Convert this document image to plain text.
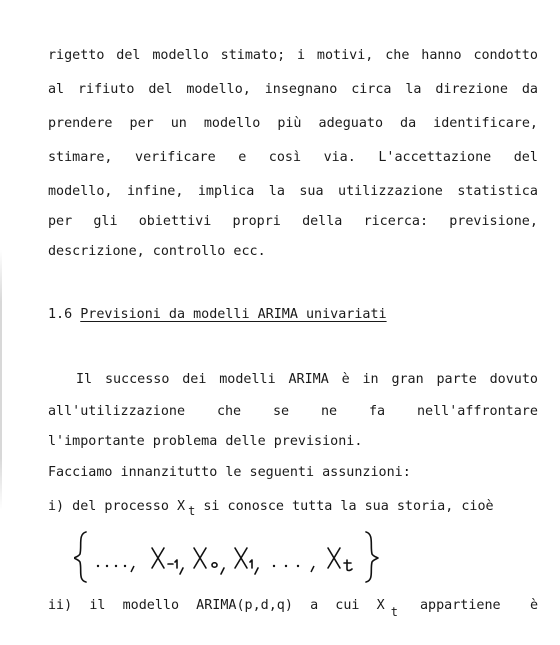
rigetto del modello stimato; i motivi, che hanno condotto
al rifiuto del modello, insegnano circa la direzione da
prendere per un modello più adeguato da identificare,
stimare, verificare e così via. L'accettazione del
modello, infine, implica la sua utilizzazione statistica
per gli obiettivi propri della ricerca: previsione,
descrizione, controllo ecc.
1.6 Previsioni da modelli ARIMA univariati
Il successo dei modelli ARIMA è in gran parte dovuto
all'utilizzazione che se ne fa nell'affrontare
l'importante problema delle previsioni.
Facciamo innanzitutto le seguenti assunzioni:
i) del processo X t si conosce tutta la sua storia, cioè
ii) il modello ARIMA(p,d,q) a cui X
t appartiene è
